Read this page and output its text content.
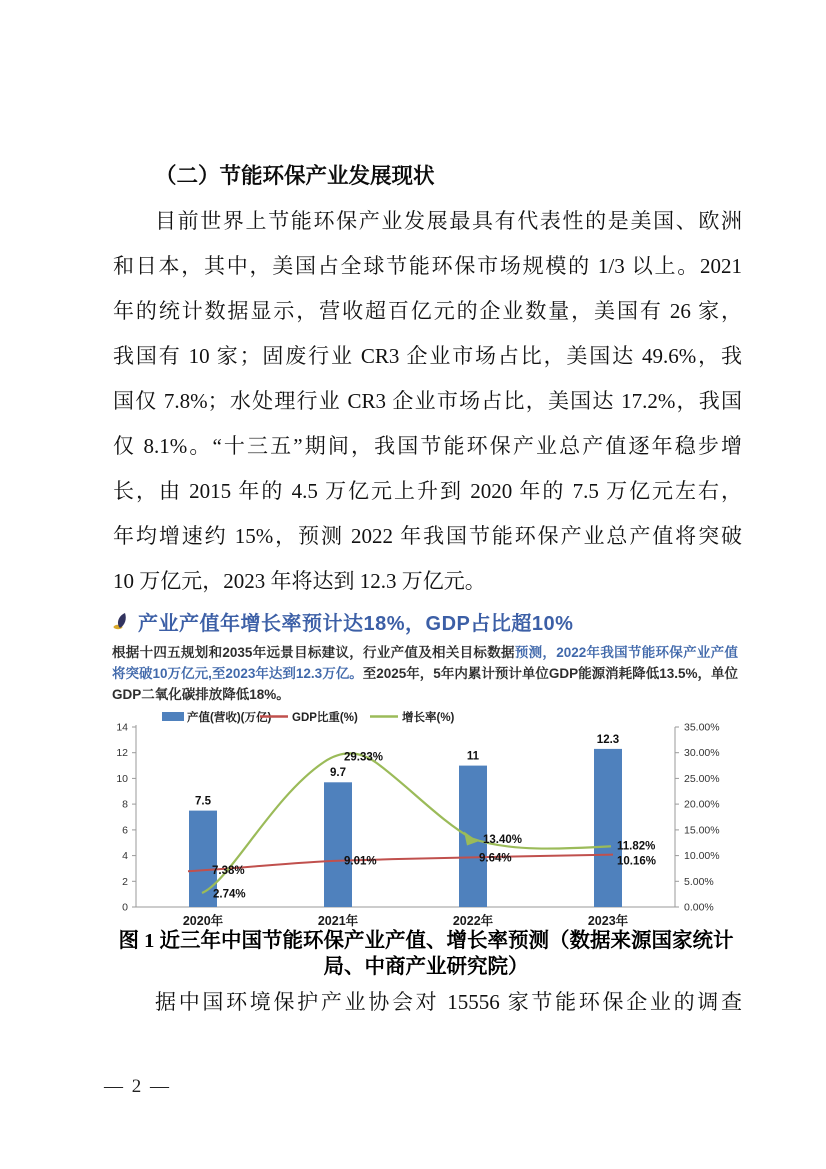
（二）节能环保产业发展现状
目前世界上节能环保产业发展最具有代表性的是美国、欧洲
和日本，其中，美国占全球节能环保市场规模的 1/3 以上。2021
年的统计数据显示，营收超百亿元的企业数量，美国有 26 家，
我国有 10 家；固废行业 CR3 企业市场占比，美国达 49.6%，我
国仅 7.8%；水处理行业 CR3 企业市场占比，美国达 17.2%，我国
仅 8.1%。“十三五”期间，我国节能环保产业总产值逐年稳步增
长，由 2015 年的 4.5 万亿元上升到 2020 年的 7.5 万亿元左右，
年均增速约 15%，预测 2022 年我国节能环保产业总产值将突破
10 万亿元，2023 年将达到 12.3 万亿元。
产业产值年增长率预计达18%，GDP占比超10%
根据十四五规划和2035年远景目标建议，行业产值及相关目标数据预测，2022年我国节能环保产业产值将突破10万亿元,至2023年达到12.3万亿。至2025年，5年内累计预计单位GDP能源消耗降低13.5%，单位GDP二氧化碳排放降低18%。
产值(营收)(万亿) GDP比重(%)	增长率(%)
0
2
4
6
8
10
12
14
0.00%
5.00%
10.00%
15.00%
20.00%
25.00%
30.00%
35.00%
7.5
9.7
11
12.3
2.74%
29.33%
13.40%
11.82%
7.38%
9.01%	9.64%	10.16%
2020年	2021年	2022年	2023年
图 1 近三年中国节能环保产业产值、增长率预测（数据来源国家统计
局、中商产业研究院）
据中国环境保护产业协会对 15556 家节能环保企业的调查
— 2 —
